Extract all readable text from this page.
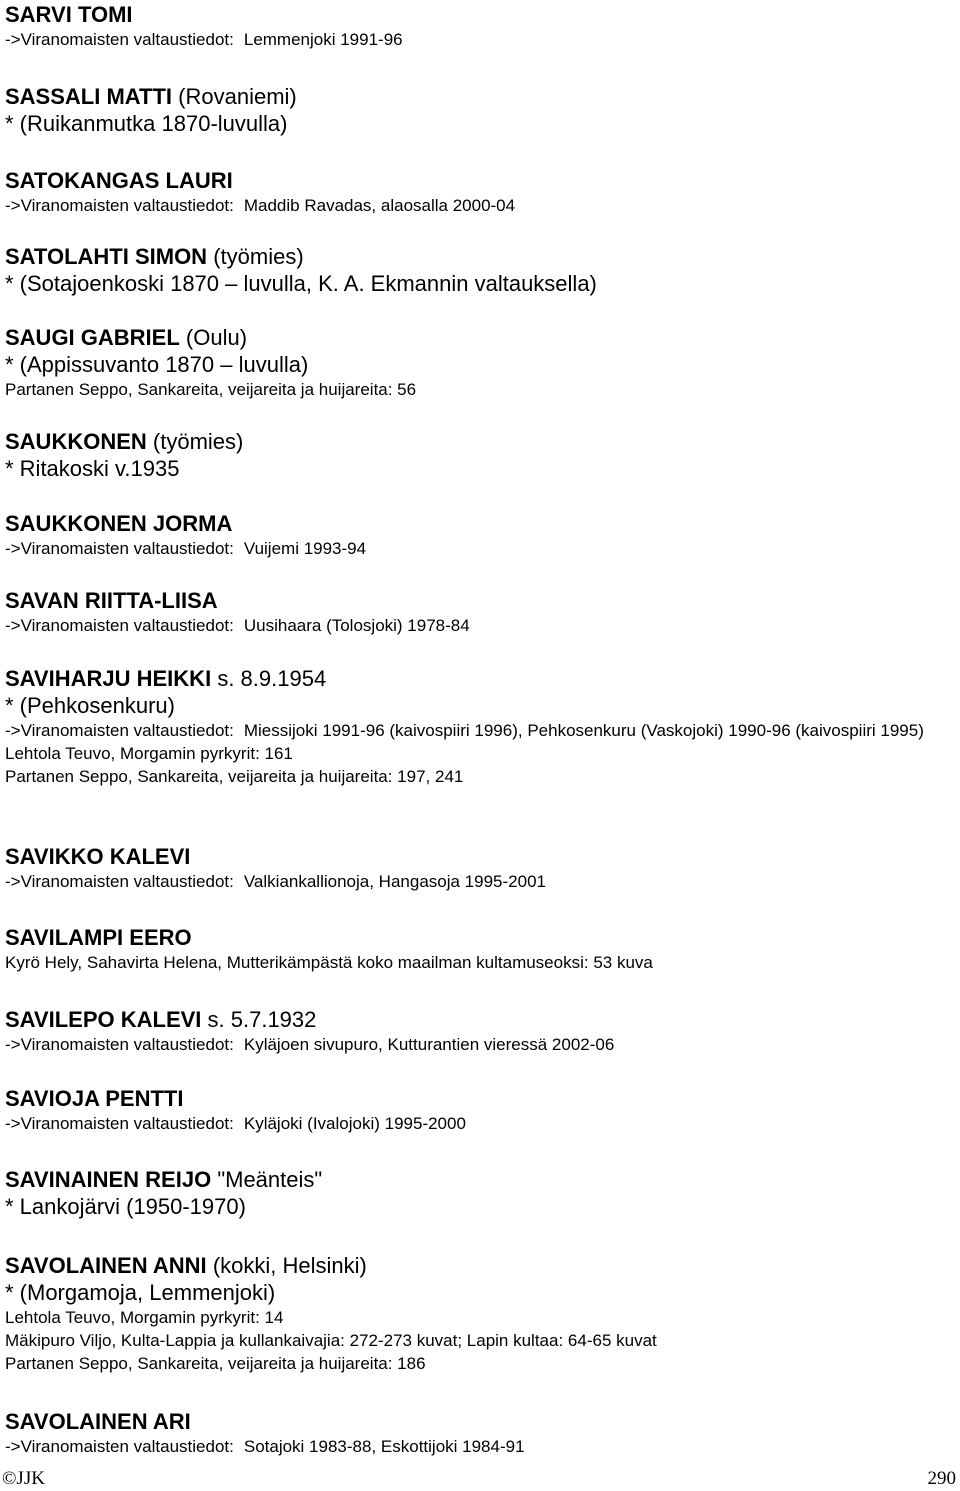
SARVI TOMI
->Viranomaisten valtaustiedot: Lemmenjoki 1991-96
SASSALI MATTI (Rovaniemi)
* (Ruikanmutka 1870-luvulla)
SATOKANGAS LAURI
->Viranomaisten valtaustiedot: Maddib Ravadas, alaosalla 2000-04
SATOLAHTI SIMON (työmies)
* (Sotajoenkoski 1870 – luvulla, K. A. Ekmannin valtauksella)
SAUGI GABRIEL (Oulu)
* (Appissuvanto 1870 – luvulla)
Partanen Seppo, Sankareita, veijareita ja huijareita: 56
SAUKKONEN (työmies)
* Ritakoski v.1935
SAUKKONEN JORMA
->Viranomaisten valtaustiedot: Vuijemi 1993-94
SAVAN RIITTA-LIISA
->Viranomaisten valtaustiedot: Uusihaara (Tolosjoki) 1978-84
SAVIHARJU HEIKKI s. 8.9.1954
* (Pehkosenkuru)
->Viranomaisten valtaustiedot: Miessijoki 1991-96 (kaivospiiri 1996), Pehkosenkuru (Vaskojoki) 1990-96 (kaivospiiri 1995)
Lehtola Teuvo, Morgamin pyrkyrit: 161
Partanen Seppo, Sankareita, veijareita ja huijareita: 197, 241
SAVIKKO KALEVI
->Viranomaisten valtaustiedot: Valkiankallionoja, Hangasoja 1995-2001
SAVILAMPI EERO
Kyrö Hely, Sahavirta Helena, Mutterikämpästä koko maailman kultamuseoksi: 53 kuva
SAVILEPO KALEVI s. 5.7.1932
->Viranomaisten valtaustiedot: Kyläjoen sivupuro, Kutturantien vieressä 2002-06
SAVIOJA PENTTI
->Viranomaisten valtaustiedot: Kyläjoki (Ivalojoki) 1995-2000
SAVINAINEN REIJO "Meänteis"
* Lankojärvi (1950-1970)
SAVOLAINEN ANNI (kokki, Helsinki)
* (Morgamoja, Lemmenjoki)
Lehtola Teuvo, Morgamin pyrkyrit: 14
Mäkipuro Viljo, Kulta-Lappia ja kullankaivajia: 272-273 kuvat; Lapin kultaa: 64-65 kuvat
Partanen Seppo, Sankareita, veijareita ja huijareita: 186
SAVOLAINEN ARI
->Viranomaisten valtaustiedot: Sotajoki 1983-88, Eskottijoki 1984-91
©JJK	290
